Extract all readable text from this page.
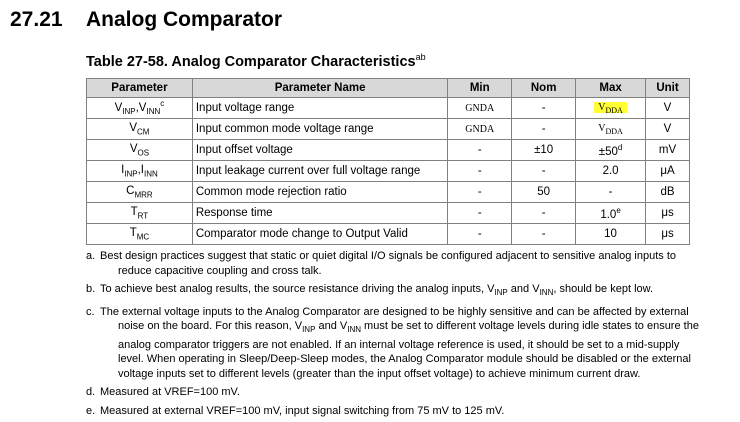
27.21	Analog Comparator
Table 27-58. Analog Comparator Characteristics$^{ab}$
Parameter	Parameter Name	Min	Nom	Max	Unit
$V_{INP},V_{INN}^c$	Input voltage range	GNDA	-	$V_{DDA}$	V
$V_{CM}$	Input common mode voltage range	GNDA	-	$V_{DDA}$	V
$V_{OS}$	Input offset voltage	-	±10	$\pm 50^d$	mV
$I_{INP},I_{INN}$	Input leakage current over full voltage range	-	-	2.0	μA
$C_{MRR}$	Common mode rejection ratio	-	50	-	dB
$T_{RT}$	Response time	-	-	1.0e	μs
$T_{MC}$	Comparator mode change to Output Valid	-	-	10	μs
a. Best design practices suggest that static or quiet digital I/O signals be configured adjacent to sensitive analog inputs to
reduce capacitive coupling and cross talk.
b. To achieve best analog results, the source resistance driving the analog inputs, $V_{INP}$ and $V_{INN}$, should be kept low.
c. The external voltage inputs to the Analog Comparator are designed to be highly sensitive and can be affected by external
noise on the board. For this reason, $V_{INP}$ and $V_{INN}$ must be set to different voltage levels during idle states to ensure the
analog comparator triggers are not enabled. If an internal voltage reference is used, it should be set to a mid-supply
level. When operating in Sleep/Deep-Sleep modes, the Analog Comparator module should be disabled or the external
voltage inputs set to different levels (greater than the input offset voltage) to achieve minimum current draw.
d. Measured at VREF=100 mV.
e. Measured at external VREF=100 mV, input signal switching from 75 mV to 125 mV.
